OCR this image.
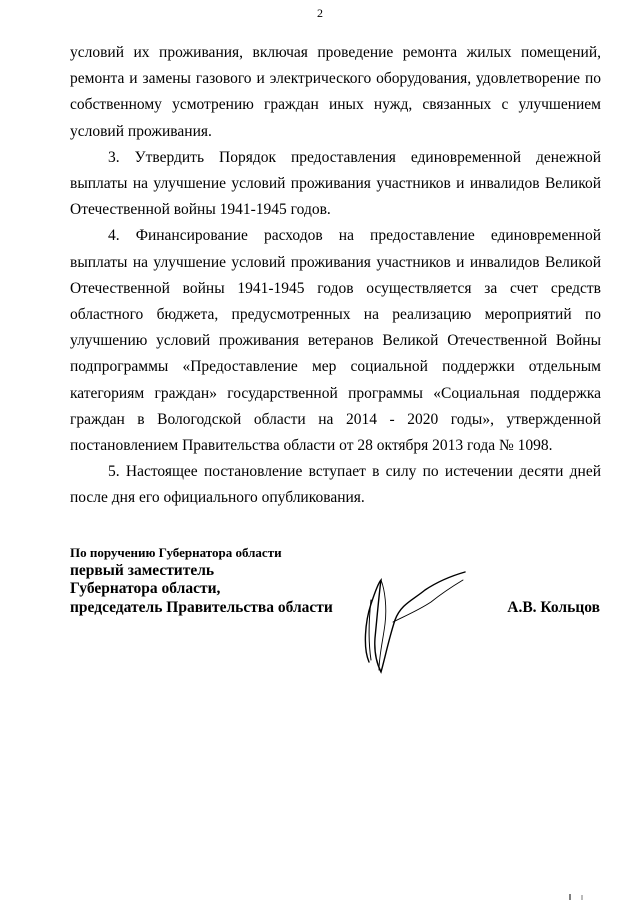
2

условий их проживания, включая проведение ремонта жилых помещений, ремонта и замены газового и электрического оборудования, удовлетворение по собственному усмотрению граждан иных нужд, связанных с улучшением условий проживания.

3. Утвердить Порядок предоставления единовременной денежной выплаты на улучшение условий проживания участников и инвалидов Великой Отечественной войны 1941-1945 годов.

4. Финансирование расходов на предоставление единовременной выплаты на улучшение условий проживания участников и инвалидов Великой Отечественной войны 1941-1945 годов осуществляется за счет средств областного бюджета, предусмотренных на реализацию мероприятий по улучшению условий проживания ветеранов Великой Отечественной Войны подпрограммы «Предоставление мер социальной поддержки отдельным категориям граждан» государственной программы «Социальная поддержка граждан в Вологодской области на 2014 - 2020 годы», утвержденной постановлением Правительства области от 28 октября 2013 года № 1098.

5. Настоящее постановление вступает в силу по истечении десяти дней после дня его официального опубликования.

По поручению Губернатора области
первый заместитель
Губернатора области,
председатель Правительства области	А.В. Кольцов
